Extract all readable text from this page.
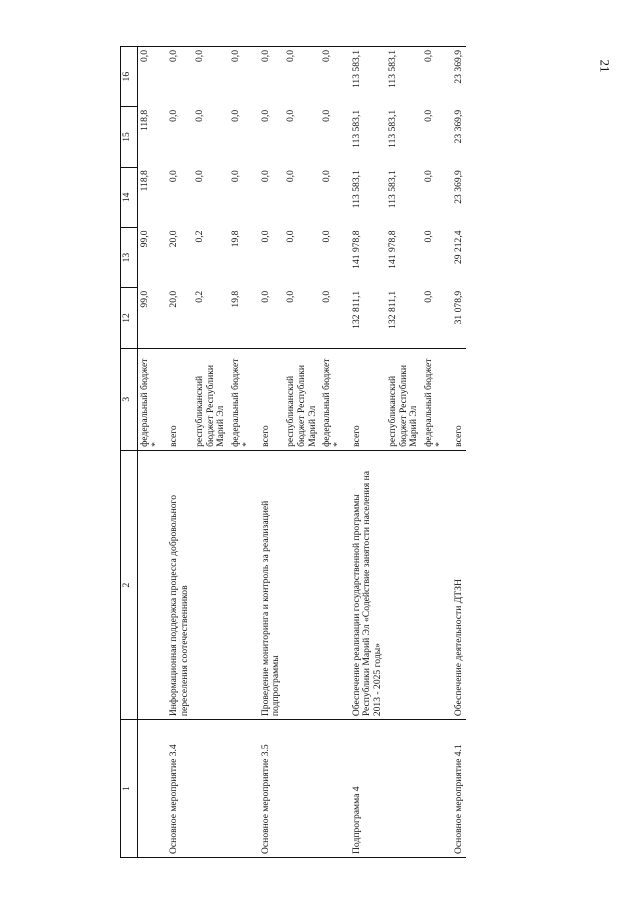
21
1	2	3	12	13	14	15	16
		федеральный бюджет *	99,0	99,0	118,8	118,8	0,0
Основное мероприятие 3.4	Информационная поддержка процесса добровольного переселения соотечественников	всего	20,0	20,0	0,0	0,0	0,0
		республиканский бюджет Республики Марий Эл	0,2	0,2	0,0	0,0	0,0
		федеральный бюджет *	19,8	19,8	0,0	0,0	0,0
Основное мероприятие 3.5	Проведение мониторинга и контроль за реализацией подпрограммы	всего	0,0	0,0	0,0	0,0	0,0
		республиканский бюджет Республики Марий Эл	0,0	0,0	0,0	0,0	0,0
		федеральный бюджет *	0,0	0,0	0,0	0,0	0,0
Подпрограмма 4	Обеспечение реализации государственной программы Республики Марий Эл «Содействие занятости населения на 2013 - 2025 годы»	всего	132 811,1	141 978,8	113 583,1	113 583,1	113 583,1
		республиканский бюджет Республики Марий Эл	132 811,1	141 978,8	113 583,1	113 583,1	113 583,1
		федеральный бюджет *	0,0	0,0	0,0	0,0	0,0
Основное мероприятие 4.1	Обеспечение деятельности ДТЗН	всего	31 078,9	29 212,4	23 369,9	23 369,9	23 369,9
